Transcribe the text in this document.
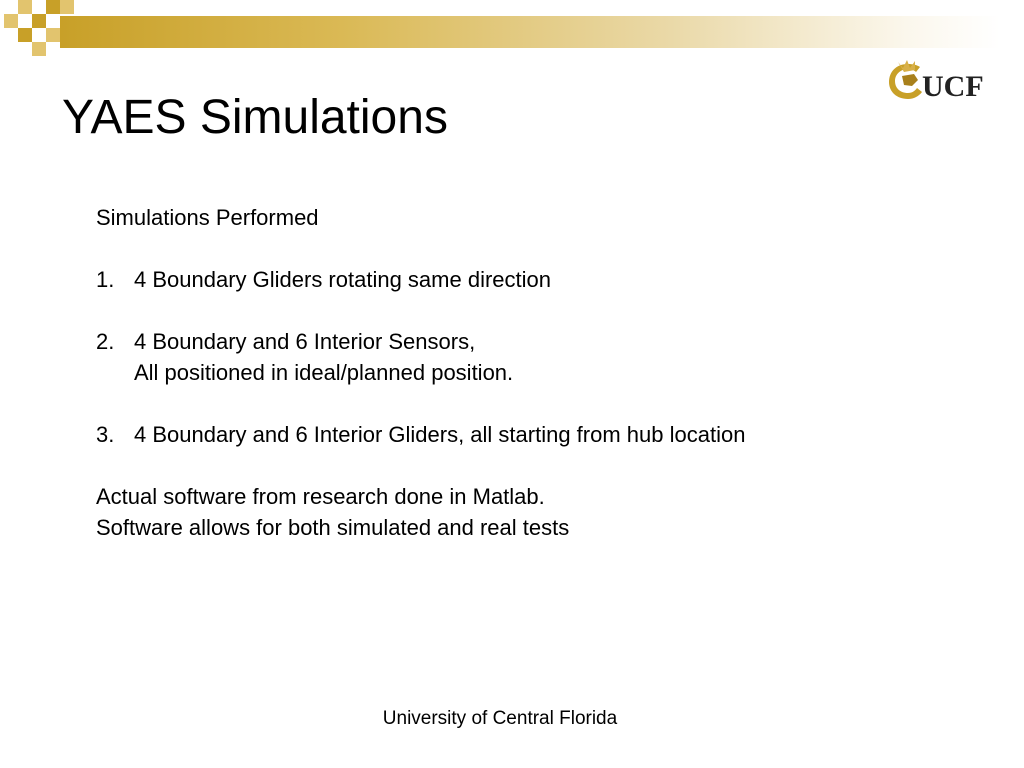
UCF
YAES Simulations

Simulations Performed

1. 4 Boundary Gliders rotating same direction
2. 4 Boundary and 6 Interior Sensors,
All positioned in ideal/planned position.
3. 4 Boundary and 6 Interior Gliders, all starting from hub location

Actual software from research done in Matlab.

Software allows for both simulated and real tests

University of Central Florida
